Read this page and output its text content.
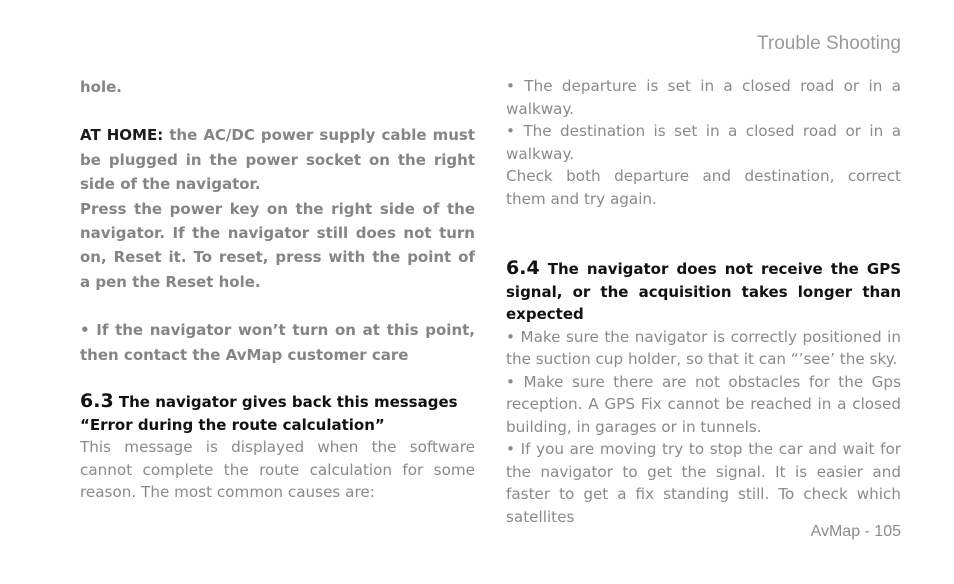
Trouble Shooting

hole.

AT HOME: the AC/DC power supply cable must be plugged in the power socket on the right side of the navigator.

Press the power key on the right side of the navigator. If the navigator still does not turn on, Reset it. To reset, press with the point of a pen the Reset hole.

• If the navigator won’t turn on at this point, then contact the AvMap customer care

6.3 The navigator gives back this messages
“Error during the route calculation”

This message is displayed when the software cannot complete the route calculation for some reason. The most common causes are:

• The departure is set in a closed road or in a walkway.

• The destination is set in a closed road or in a walkway.

Check both departure and destination, correct them and try again.

6.4 The navigator does not receive the GPS signal, or the acquisition takes longer than expected

• Make sure the navigator is correctly positioned in the suction cup holder, so that it can “’see’ the sky.

• Make sure there are not obstacles for the Gps reception. A GPS Fix cannot be reached in a closed building, in garages or in tunnels.

• If you are moving try to stop the car and wait for the navigator to get the signal. It is easier and faster to get a fix standing still. To check which satellites

AvMap - 105
